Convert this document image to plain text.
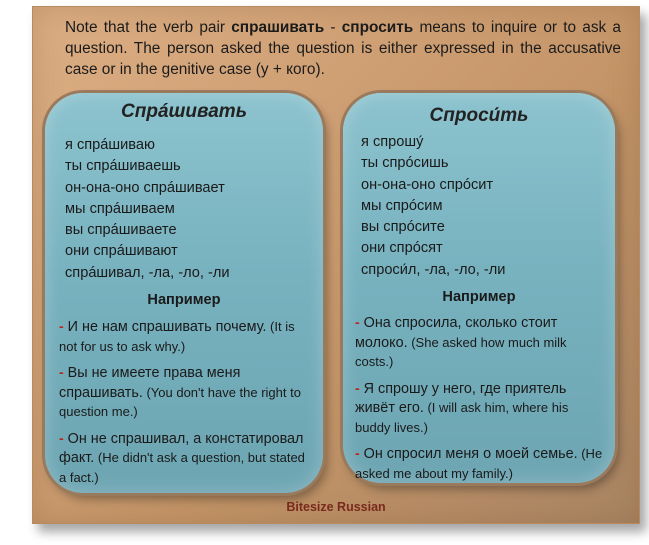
Note that the verb pair спрашивать - спросить means to inquire or to ask a question. The person asked the question is either expressed in the accusative case or in the genitive case (у + кого).
Спрáшивать
я спрáшиваю
ты спрáшиваешь
он-она-оно спрáшивает
мы спрáшиваем
вы спрáшиваете
они спрáшивают
спрáшивал, -ла, -ло, -ли
Например
- И не нам спрашивать почему. (It is not for us to ask why.)
- Вы не имеете права меня спрашивать. (You don't have the right to question me.)
- Он не спрашивал, а констатировал факт. (He didn't ask a question, but stated a fact.)
Спроси́ть
я спрошу́
ты спрóсишь
он-она-оно спрóсит
мы спрóсим
вы спрóсите
они спрóсят
спроси́л, -ла, -ло, -ли
Например
- Она спросила, сколько стоит молоко. (She asked how much milk costs.)
- Я спрошу у него, где приятель живёт его. (I will ask him, where his buddy lives.)
- Он спросил меня о моей семье. (He asked me about my family.)
Bitesize Russian
